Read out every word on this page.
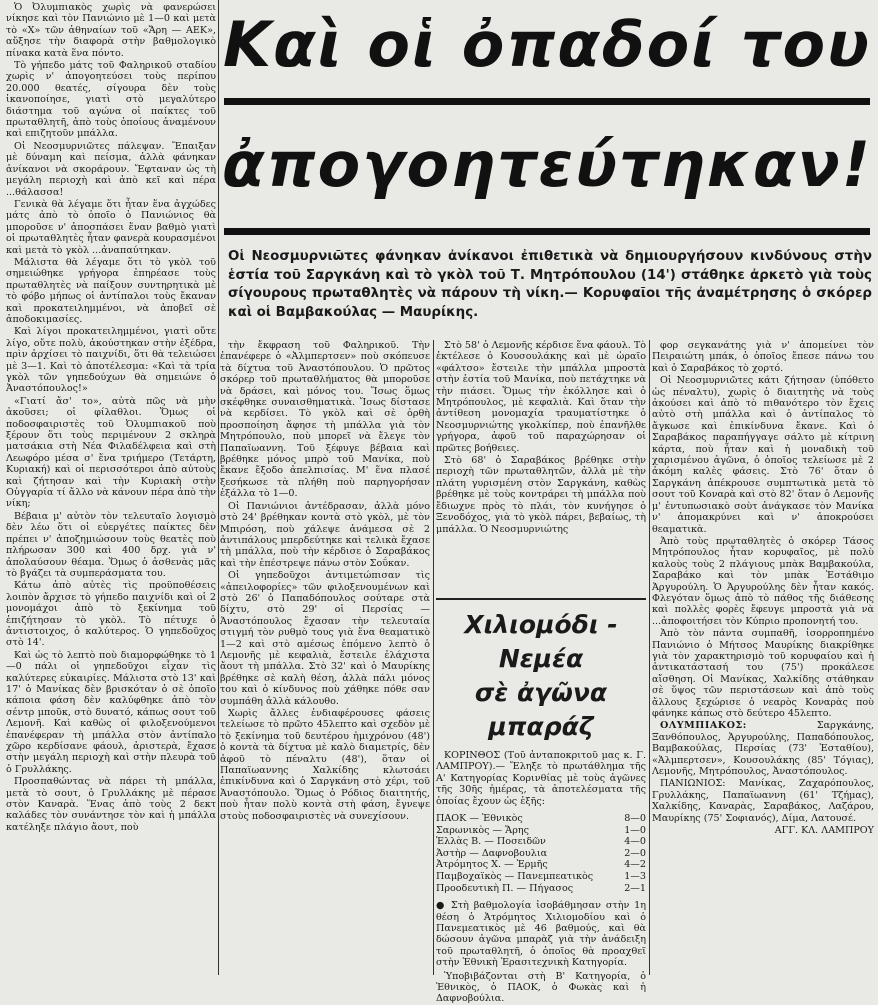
Ὁ Ὀλυμπιακὸς χωρὶς νὰ φανερώσει νίκησε καὶ τὸν Πανιώνιο μὲ 1—0 καὶ μετὰ τὸ «Χ» τῶν ἀθηναίων τοῦ «Ἄρη — ΑΕΚ», αὔξησε τὴν διαφορὰ στὴν βαθμολογικὸ πίνακα κατὰ ἕνα πόντο.

Τὸ γήπεδο μάτς τοῦ Φαληρικοῦ σταδίου χωρὶς ν' ἀπογοητεύσει τοὺς περίπου 20.000 θεατές, σίγουρα δὲν τοὺς ἱκανοποίησε, γιατὶ στὸ μεγαλύτερο διάστημα τοῦ αγώνα οἱ παίκτες τοῦ πρωταθλητῆ, ἀπὸ τοὺς ὁποίους ἀναμένουν καὶ επιζητοῦν μπάλλα.

Οἱ Νεοσμυρνιῶτες πάλεψαν. Ἔπαιξαν μὲ δύναμη καὶ πείσμα, ἀλλὰ φάνηκαν ἀνίκανοι νὰ σκοράρουν. Ἔφταναν ὡς τὴ μεγάλη περιοχὴ καὶ ἀπὸ κεῖ καὶ πέρα ...θάλασσα!

Γενικὰ θὰ λέγαμε ὅτι ἦταν ἕνα ἀγχώδες μάτς ἀπὸ τὸ ὁποῖο ὁ Πανιώνιος θὰ μποροῦσε ν' ἀποσπάσει ἕναν βαθμὸ γιατὶ οἱ πρωταθλητὲς ἦταν φανερὰ κουρασμένοι καὶ μετὰ τὸ γκὸλ ...ἀναπαύτηκαν.

Μάλιστα θὰ λέγαμε ὅτι τὸ γκὸλ τοῦ σημειώθηκε γρήγορα ἐπηρέασε τοὺς πρωταθλητὲς νὰ παίξουν συντηρητικὰ μὲ τὸ φόβο μήπως οἱ ἀντίπαλοι τοὺς ἔκαναν καὶ προκατειλημμένοι, νὰ ἀποβεῖ σὲ ἀποδοκιμασίες.

Καὶ λίγοι προκατειλημμένοι, γιατὶ οὔτε λίγο, οὔτε πολὺ, ἀκούστηκαν στὴν ἐξέδρα, πρὶν ἀρχίσει τὸ παιχνίδι, ὅτι θὰ τελειώσει μὲ 3—1. Καὶ τὸ ἀποτέλεσμα: «Καὶ τὰ τρία γκὸλ τῶν γηπεδούχων θὰ σημειώνε ὁ Ἀναστόπουλος!»

«Γιατί ἄσ' το», αὐτὰ πῶς νὰ μὴν ἀκοῦσει; οἱ φίλαθλοι. Ὅμως οἱ ποδοσφαιριστὲς τοῦ Ὀλυμπιακοῦ ποὺ ξέρουν ὅτι τοὺς περιμένουν 2 σκληρὰ ματσάκια στὴ Νέα Φιλαδέλφεια καὶ στὴ Λεωφόρο μέσα σ' ἕνα τριήμερο (Τετάρτη, Κυριακή) καὶ οἱ περισσότεροι ἀπὸ αὐτοὺς καὶ ζήτησαν καὶ τὴν Κυριακὴ στὴν Οὐγγαρία τί ἄλλο νὰ κάνουν πέρα ἀπὸ τὴν νίκη;

Βέβαια μ' αὐτὸν τὸν τελευταῖο λογισμὸ δὲν λέω ὅτι οἱ εὐεργέτες παίκτες δὲν πρέπει ν' ἀποζημιώσουν τοὺς θεατὲς ποὺ πλήρωσαν 300 καὶ 400 δρχ. γιὰ ν' ἀπολαύσουν θέαμα. Ὅμως ὁ ἀσθενὰς μᾶς τὸ βγάζει τὰ συμπεράσματα του.

Κάτω ἀπὸ αὐτὲς τὶς προϋποθέσεις λοιπὸν ἄρχισε τὸ γήπεδο παιχνίδι καὶ οἱ 2 μονομάχοι ἀπὸ τὸ ξεκίνημα τοῦ ἐπιζήτησαν τὸ γκὸλ. Τὸ πέτυχε ὁ ἀντιστοιχος, ὁ καλύτερος. Ὁ γηπεδοῦχος στὸ 14'.

Καὶ ὡς τὸ λεπτὸ ποὺ διαμορφώθηκε τὸ 1—0 πάλι οἱ γηπεδοῦχοι εἶχαν τὶς καλύτερες εὐκαιρίες. Μάλιστα στὸ 13' καὶ 17' ὁ Μανίκας δὲν βρισκόταν ὁ σὲ ὁποῖο κάποια φάση δὲν καλύφθηκε ἀπὸ τὸν σέντρ μποῦκ, στὸ δυνατό, κάπως σουτ τοῦ Λεμονῆ. Καὶ καθὼς οἱ φιλοξενούμενοι ἐπανέφεραν τὴ μπάλλα στὸν ἀντίπαλο χῶρο κερδίσανε φάουλ, ἀριστερὰ, ἔχασε στὴν μεγάλη περιοχὴ καὶ στὴν πλευρὰ τοῦ ὁ Γρυλλάκης.

Προσπαθώντας νὰ πάρει τὴ μπάλλα, μετὰ τὸ σουτ, ὁ Γρυλλάκης μὲ πέρασε στὸν Καναρὰ. Ἕνας ἀπὸ τοὺς 2 δεκτ καλάδες τὸν συνάντησε τὸν καὶ ἡ μπάλλα κατέληξε πλάγιο ἄουτ, ποὺ

Καὶ οἱ ὀπαδοί του
ἀπογοητεύτηκαν!
Οἱ Νεοσμυρνιῶτες φάνηκαν ἀνίκανοι ἐπιθετικὰ νὰ δημιουργήσουν κινδύνους στὴν ἑστία τοῦ Σαργκάνη καὶ τὸ γκὸλ τοῦ Τ. Μητρόπουλου (14') στάθηκε ἀρκετὸ γιὰ τοὺς σίγουρους πρωταθλητὲς νὰ πάρουν τὴ νίκη.— Κορυφαῖοι τῆς ἀναμέτρησης ὁ σκόρερ καὶ οἱ Βαμβακούλας — Μαυρίκης.

τὴν ἔκφραση τοῦ Φαληρικοῦ. Τὴν ἐπανέφερε ὁ «Ἀλμπερτσεν» ποὺ σκόπευσε τὰ δίχτυα τοῦ Ἀναστόπουλου. Ὁ πρῶτος σκόρερ τοῦ πρωταθλήματος θὰ μποροῦσε νὰ δράσει, καὶ μόνος του. Ἴσως ὅμως σκέφθηκε συναισθηματικὰ. Ἴσως δίστασε νὰ κερδίσει. Τὸ γκὸλ καὶ σὲ ὀρθὴ προσποίηση ἄφησε τὴ μπάλλα γιὰ τὸν Μητρόπουλο, ποὺ μπορεῖ νὰ ἔλεγε τὸν Παπαϊωαννη. Τοῦ ξέφυγε βέβαια καὶ βρέθηκε μόνος μπρὸ τοῦ Μανίκα, ποὺ ἔκανε ἔξοδο ἀπελπισίας. Μ' ἕνα πλασέ ξεσήκωσε τὰ πλήθη ποὺ παρηγορήσαν ἐξάλλα τὸ 1—0.

Οἱ Πανιώνιοι ἀντέδρασαν, ἀλλὰ μόνο στὸ 24' βρέθηκαν κοντὰ στὸ γκὸλ, μὲ τὸν Μπιρόση, ποὺ χάλεψε ἀνάμεσα σὲ 2 ἀντιπάλους μπερδεύτηκε καὶ τελικὰ ἔχασε τὴ μπάλλα, ποὺ τὴν κέρδισε ὁ Σαραβάκος καὶ τὴν ἐπέστρεψε πάνω στὸν Σοΰκαν.

Οἱ γηπεδοῦχοι ἀντιμετώπισαν τὶς «ἀπειλοφορίες» τῶν φιλοξενουμένων καὶ στὸ 26' ὁ Παπαδόπουλος σούταρε στὰ δίχτυ, στὸ 29' οἱ Περσίας — Ἀναστόπουλος ἔχασαν τὴν τελευταία στιγμή τὸν ρυθμὸ τους γιὰ ἕνα θεαματικὸ 1—2 καὶ στὸ αμέσως ἑπόμενο λεπτὸ ὁ Λεμονῆς μὲ κεφαλιὰ, ἔστειλε ἐλάχιστα ἄουτ τὴ μπάλλα. Στὸ 32' καὶ ὁ Μαυρίκης βρέθηκε σὲ καλὴ θέση, ἀλλὰ πάλι μόνος του καὶ ὁ κίνδυνος ποὺ χάθηκε πόθε σαν συμπάθη ἀλλὰ κάλουθο.

Χωρὶς ἄλλες ἐνδιαφέρουσες φάσεις τελείωσε τὸ πρῶτο 45λεπτο καὶ σχεδὸν μὲ τὸ ξεκίνημα τοῦ δευτέρου ἡμιχρόνου (48') ὁ κοντὰ τὰ δίχτυα μὲ καλὸ διαμετρίς, δὲν ἀφοῦ τὸ πέναλτυ (48'), ὅταν οἱ Παπαϊωαννης Χαλκίδης κλωτσάει ἐπικίνδυνα καὶ ὁ Σαργκάνη στὸ χέρι, τοῦ Ἀναστόπουλο. Ὅμως ὁ Ρόδιος διαιτητής, ποὺ ἦταν πολὺ κοντὰ στὴ φάση, ἔγνεψε στοὺς ποδοσφαιριστὲς νὰ συνεχίσουν.

Στὸ 58' ὁ Λεμονῆς κέρδισε ἕνα φάουλ. Τὸ ἐκτέλεσε ὁ Κουσουλάκης καὶ μὲ ὡραῖο «φάλτσο» ἔστειλε τὴν μπάλλα μπροστὰ στὴν ἑστία τοῦ Μανίκα, ποὺ πετάχτηκε νὰ τὴν πιάσει. Ὅμως τὴν ἐκόλλησε καὶ ὁ Μητρόπουλος, μὲ κεφαλιὰ. Καὶ ὅταν τὴν ἀντίθεση μονομαχία τραυματίστηκε ὁ Νεοσμυρνιώτης γκολκίπερ, ποὺ ἐπανῆλθε γρήγορα, ἀφοῦ τοῦ παραχώρησαν οἱ πρῶτες βοήθειες.

Στὸ 68' ὁ Σαραβάκος βρέθηκε στὴν περιοχὴ τῶν πρωταθλητῶν, ἀλλὰ μὲ τὴν πλάτη γυρισμένη στὸν Σαργκάνη, καθὼς βρέθηκε μὲ τοὺς κοντράρει τὴ μπάλλα ποὺ ἔδιωχνε πρὸς τὸ πλάι, τὸν κυνήγησε ὁ Ξενοδόχος, γιὰ τὸ γκὸλ πάρει, βεβαίως, τὴ μπάλλα. Ὁ Νεοσμυρνιώτης

Χιλιομόδι - Νεμέα
σὲ ἀγῶνα μπαράζ

ΚΟΡΙΝΘΟΣ (Τοῦ ἀνταποκριτοῦ μας κ. Γ. ΛΑΜΠΡΟΥ).— Ἔληξε τὸ πρωτάθλημα τῆς Α' Κατηγορίας Κορινθίας μὲ τοὺς ἀγῶνες τῆς 30ῆς ἡμέρας, τὰ ἀποτελέσματα τῆς ὁποίας ἔχουν ὡς ἑξῆς:

ΠΑΟΚ — Ἐθνικὸς	8—0
Σαρωνικὸς — Ἄρης	1—0
Ἑλλὰς Β. — Ποσειδῶν	4—0
Ἀστὴρ — Δαφνοβουλια	2—0
Ἀτρόμητος Χ. — Ἑρμῆς	4—2
Παμβοχαϊκὸς — Πανεμπεατικὸς	1—3
Προοδευτικὴ Π. — Πήγασος	2—1

● Στὴ βαθμολογία ἰσοβάθμησαν στὴν 1η θέση ὁ Ἀτρόμητος Χιλιομοδίου καὶ ὁ Πανεμεατικὸς μὲ 46 βαθμούς, καὶ θὰ δώσουν ἀγῶνα μπαρὰζ γιὰ τὴν ἀνάδειξη τοῦ πρωταθλητῆ, ὁ ὁποῖος θὰ προαχθεῖ στὴν Ἐθνικὴ Ἐρασιτεχνικὴ Κατηγορία.

Ὑποβιβάζονται στὴ Β' Κατηγορία, ὁ Ἐθνικὸς, ὁ ΠΑΟΚ, ὁ Φωκὰς καὶ ἡ Δαφνοβούλια.

φορ σεγκανάτης γιὰ ν' ἀπομείνει τὸν Πειραιώτη μπάκ, ὁ ὁποῖος ἔπεσε πάνω του καὶ ὁ Σαραβάκος τὸ χορτό.

Οἱ Νεοσμυρνιῶτες κάτι ζήτησαν (ὑπόθετο ὡς πέναλτυ), χωρὶς ὁ διαιτητὴς νὰ τοὺς ἀκούσει καὶ ἀπὸ τὸ πιθανότερο τὸν ἔχεις αὐτὸ στὴ μπάλλα καὶ ὁ ἀντίπαλος τὸ ἄγκωσε καὶ ἐπικίνδυνα ἔκανε. Καὶ ὁ Σαραβάκος παραπήγγαγε σάλτο μὲ κίτρινη κάρτα, ποὺ ἦταν καὶ ἡ μοναδικὴ τοῦ χαρισμένου ἀγῶνα, ὁ ὁποῖος τελείωσε μὲ 2 ἀκόμη καλὲς φάσεις. Στὸ 76' ὅταν ὁ Σαργκάνη ἀπέκρουσε συμπτωτικὰ μετὰ τὸ σουτ τοῦ Κοναρὰ καὶ στὸ 82' ὅταν ὁ Λεμονῆς μ' ἐντυπωσιακὸ σοὺτ ἀνάγκασε τὸν Μανίκα ν' ἀπομακρύνει καὶ ν' ἀποκρούσει θεαματικὰ.

Ἀπὸ τοὺς πρωταθλητὲς ὁ σκόρερ Τάσος Μητρόπουλος ἦταν κορυφαῖος, μὲ πολὺ καλοὺς τοὺς 2 πλάγιους μπὰκ Βαμβακούλα, Σαραβάκο καὶ τὸν μπὰκ Ἐστάθιμο Ἀργυρούλη. Ὁ Ἀργυρούλης δὲν ἦταν κακός. Φλεγόταν ὅμως ἀπὸ τὸ πάθος τῆς διάθεσης καὶ πολλὲς φορὲς ἔφευγε μπροστὰ γιὰ νὰ ...ἀποφοιτήσει τὸν Κύπριο προπονητή του.

Ἀπὸ τὸν πάντα συμπαθῆ, ἰσορροπημένο Πανιώνιο ὁ Μήτσος Μαυρίκης διακρίθηκε γιὰ τὸν χαρακτηρισμὸ τοῦ κορυφαίου καὶ ἡ ἀντικατάστασή του (75') προκάλεσε αἴσθηση. Οἱ Μανίκας, Χαλκίδης στάθηκαν σὲ ὕψος τῶν περιστάσεων καὶ ἀπὸ τοὺς ἄλλους ξεχώρισε ὁ νεαρὸς Κοναρὰς ποὺ φάνηκε κάπως στὸ δεύτερο 45λεπτο.

ΟΛΥΜΠΙΑΚΟΣ:	Σαργκάνης, Ξανθόπουλος, Ἀργυρούλης, Παπαδόπουλος, Βαμβακούλας, Περσίας (73' Ἐσταθίου), «Ἀλμπερτσεν», Κουσουλάκης (85' Τόγιας), Λεμονῆς, Μητρόπουλος, Ἀναστόπουλος.

ΠΑΝΙΩΝΙΟΣ: Μανίκας, Ζαχαρόπουλος, Γρυλλάκης, Παπαϊωαννη (61' Τζήμας), Χαλκίδης, Καναρὰς, Σαραβάκος, Λαζάρου, Μαυρίκης (75' Σοφιανός), Δίμα, Λατουσέ.

ΑΓΓ. ΚΛ. ΛΑΜΠΡΟΥ
